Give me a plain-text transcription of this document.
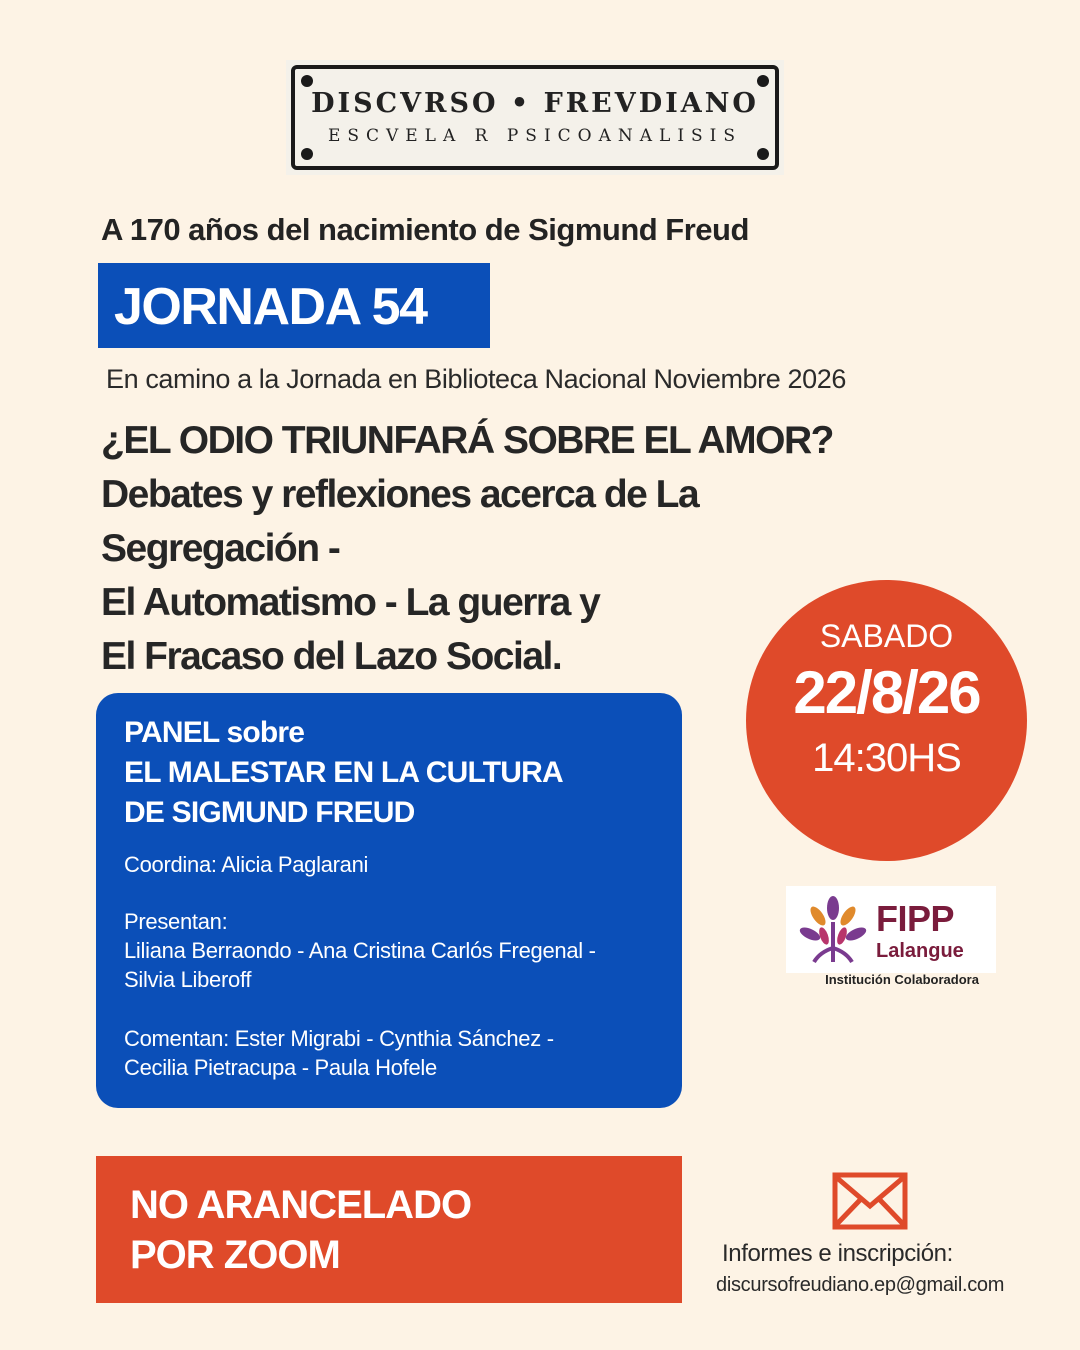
DISCVRSO • FREVDIANO
ESCVELA R PSICOANALISIS
A 170 años del nacimiento de Sigmund Freud
JORNADA 54
En camino a la Jornada en Biblioteca Nacional Noviembre 2026
¿EL ODIO TRIUNFARÁ SOBRE EL AMOR?
Debates y reflexiones acerca de La
Segregación -
El Automatismo - La guerra y
El Fracaso del Lazo Social.	SABADO
22/8/26
14:30HS
PANEL sobre
EL MALESTAR EN LA CULTURA
DE SIGMUND FREUD
Coordina: Alicia Paglarani
Presentan:
Liliana Berraondo - Ana Cristina Carlós Fregenal -
Silvia Liberoff
Comentan: Ester Migrabi - Cynthia Sánchez -
Cecilia Pietracupa - Paula Hofele
FIPP
Lalangue
Institución Colaboradora
NO ARANCELADO
POR ZOOM	Informes e inscripción:
discursofreudiano.ep@gmail.com
